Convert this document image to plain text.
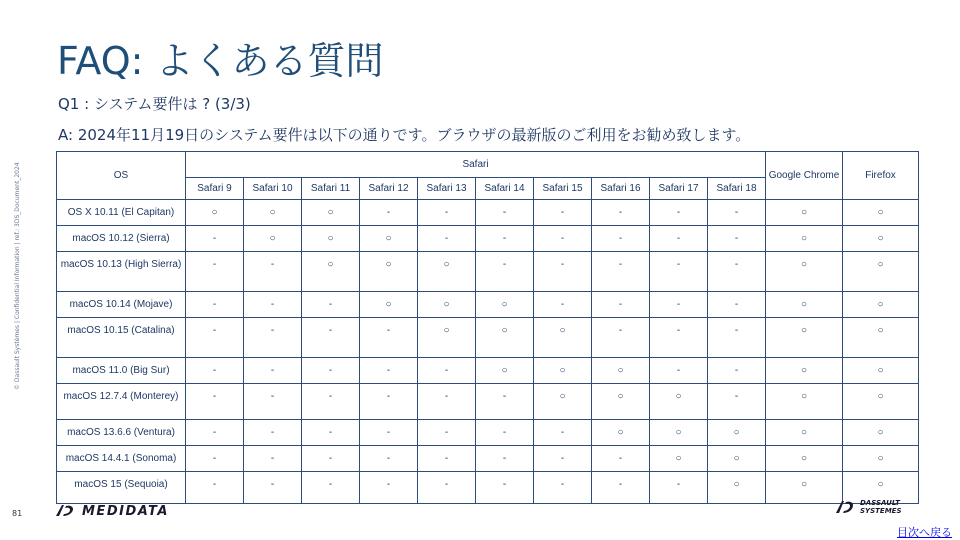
FAQ: よくある質問
Q1 : システム要件は ? (3/3)
A: 2024年11月19日のシステム要件は以下の通りです。ブラウザの最新版のご利用をお勧め致します。
© Dassault Systèmes | Confidential Information | ref.: 3DS_Document_2024	OS	Safari										Google Chrome	Firefox
	Safari 9	Safari 10	Safari 11	Safari 12	Safari 13	Safari 14	Safari 15	Safari 16	Safari 17	Safari 18		
OS X 10.11 (El Capitan)	○	○	○	-	-	-	-	-	-	-	○	○
macOS 10.12 (Sierra)	-	○	○	○	-	-	-	-	-	-	○	○
macOS 10.13 (High Sierra)	-	-	○	○	○	-	-	-	-	-	○	○
macOS 10.14 (Mojave)	-	-	-	○	○	○	-	-	-	-	○	○
macOS 10.15 (Catalina)	-	-	-	-	○	○	○	-	-	-	○	○
macOS 11.0 (Big Sur)	-	-	-	-	-	○	○	○	-	-	○	○
macOS 12.7.4 (Monterey)	-	-	-	-	-	-	○	○	○	-	○	○
macOS 13.6.6 (Ventura)	-	-	-	-	-	-	-	○	○	○	○	○
macOS 14.4.1 (Sonoma)	-	-	-	-	-	-	-	-	○	○	○	○
macOS 15 (Sequoia)	-	-	-	-	-	-	-	-	-	○	○	○
81	MEDIDATA
DASSAULT
SYSTEMES
目次へ戻る
